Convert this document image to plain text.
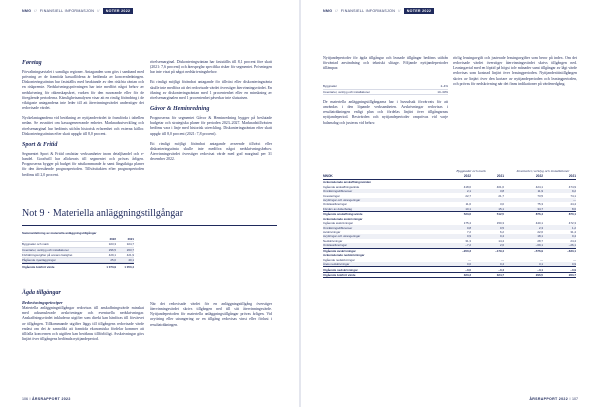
NMG // FINANSIELL INFORMASJON //	NOTER 2022
Føretag

Förvaltningsavtalet i samtliga regioner. Antaganden som görs i samband med prövning av de framtida kassaflödena är bedömda av koncernledningen. Diskonteringsräntan har fastställts med beaktande av den riskfria räntan och en riskpremie. Nedskrivningsprövningen har inte medfört något behov av nedskrivning för räkenskapsåret, varken för den nuvarande eller för de föregående perioderna. Känslighetsanalysen visar att en rimlig förändring i de viktigaste antagandena inte leder till att återvinningsvärdet understiger det redovisade värdet.

Nyckelantagandena vid beräkning av nyttjandevärdet är framförda i tabellen nedan. Se avsnittet om kassagenererande enheter. Marknadsutveckling och rörelsemarginal har bedömts utifrån historisk erfarenhet och externa källor. Diskonteringsräntan efter skatt uppgår till 8,0 procent.

Sport & Fritid

Segmentet Sport & Fritid omfattar verksamheter inom detaljhandel och e-handel. Goodwill har allokerats till segmentet och prövas årligen. Prognoserna bygger på budget för nästkommande år samt långsiktiga planer för den återstående prognosperioden. Tillväxttakten efter prognosperioden bedöms till 2,0 procent.

rörelsemarginal. Diskonteringsräntan har fastställts till 8,1 procent före skatt (2021: 7,6 procent) och återspeglar specifika risker för segmentet. Prövningen har inte visat på något nedskrivningsbehov.

Ett rimligt möjligt förändrat antagande för tillväxt eller diskonteringsränta skulle inte medföra att det redovisade värdet överstiger återvinningsvärdet. En ökning av diskonteringsräntan med 1 procentenhet eller en minskning av rörelsemarginalen med 1 procentenhet påverkar inte slutsatsen.

Gåvor & Heminredning

Prognoserna för segmentet Gåvor & Heminredning bygger på beslutade budgetar och strategiska planer för perioden 2023–2027. Marknadstillväxten bedöms vara i linje med historisk utveckling. Diskonteringsräntan efter skatt uppgår till 8,0 procent (2021: 7,8 procent).

Ett rimligt möjligt förändrat antagande avseende tillväxt eller diskonteringsränta skulle inte medföra något nedskrivningsbehov. Återvinningsvärdet överstiger redovisat värde med god marginal per 31 december 2022.

Not 9 · Materiella anläggningstillgångar
Sammanfattning av materiella anläggningstillgångar
2022	2021
Byggnader och mark	323,3	324,7
Inventarier, verktyg och installationer	296,5	263,7
Förbättringsutgifter på annans fastighet	429,1	421,9
Pågående nyanläggningar	25,0	40,1
Utgående bokfört värde	1 073,9	1 050,4
Ägda tillgångar
Redovisningsprinciper

Materiella anläggningstillgångar redovisas till anskaffningsvärde minskat med ackumulerade avskrivningar och eventuella nedskrivningar. Anskaffningsvärdet inkluderar utgifter som direkt kan hänföras till förvärvet av tillgången. Tillkommande utgifter läggs till tillgångens redovisade värde endast om det är sannolikt att framtida ekonomiska fördelar kommer att tillfalla koncernen och utgiften kan beräknas tillförlitligt. Avskrivningar görs linjärt över tillgångens bedömda nyttjandeperiod.

När det redovisade värdet för en anläggningstillgång överstiger återvinningsvärdet skrivs tillgången ned till sitt återvinningsvärde. Nyttjandeperioden för materiella anläggningstillgångar prövas årligen. Vid avyttring eller utrangering av en tillgång redovisas vinst eller förlust i resultaträkningen.

106 // ÅRSRAPPORT 2022
NMG // FINANSIELL INFORMASJON //	NOTER 2022

Nyttjandeperioder för ägda tillgångar och leasade tillgångar bedöms utifrån förväntad användning och tekniskt slitage. Följande nyttjandeperioder tillämpas:

Byggnader	2–4%
Inventarier, verktyg och installationer	10–33%

De materiella anläggningstillgångarna har i huvudsak förvärvats för att användas i den löpande verksamheten. Avskrivningar redovisas i resultaträkningen enligt plan och fördelas linjärt över tillgångarnas nyttjandeperiod. Restvärden och nyttjandeperioder omprövas vid varje balansdag och justeras vid behov.

rörlig leasingavgift och justerade leasingavgifter som beror på index. Om det redovisade värdet överstiger återvinningsvärdet skrivs tillgången ned. Leasingavtal med en löptid på högst tolv månader samt tillgångar av lågt värde redovisas som kostnad linjärt över leasingperioden. Nyttjanderättstillgången skrivs av linjärt över den kortare av nyttjandeperioden och leasingperioden, och prövas för nedskrivning när det finns indikationer på värdenedgång.

Byggnader och mark	Inventarier, verktyg och installationer
MNOK	2022	2021	2022	2021
Ackumulerade anskaffningsvärden
Ingående anskaffningsvärde	418,0	401,6	424,1	474,9
Omräkningsdifferenser	2,1	3,8	11,9	9,2
Investeringar	22,7	21,7	73,5	74,1
Avyttringar och utrangeringar	—
Omklassificeringar	11,6	3,0	75,3	44,4
Förvärv av dotterbolag	10,1	15,1	34,7	8,6
Utgående anskaffningsvärde	523,6	512,5	876,4	870,1
Ackumulerade avskrivningar
Ingående avskrivningar	175,4	150,3	440,1	472,3
Omräkningsdifferenser	0,8	0,5	2,3	1,2
Avskrivningar	7,2	6,2	22,6	31,4
Avyttringar och utrangeringar	0,9	0,4	18,1	0,4
Nedskrivningar	31,3	14,4	28,7	24,4
Omklassificeringar	−7,2	2,6	−69,1	−26,1
Utgående avskrivningar	−200,3	−179,4	−576,9	−633,1
Ackumulerade nedskrivningar
Ingående nedskrivningar	—	—	—	—
Årets nedskrivningar	0,0	0,4	3,1	0,9
Utgående nedskrivningar	−0,0	−0,4	−3,1	−0,9
Utgående bokfört värde	323,3	324,7	296,5	263,7
ÅRSRAPPORT 2022 // 107
